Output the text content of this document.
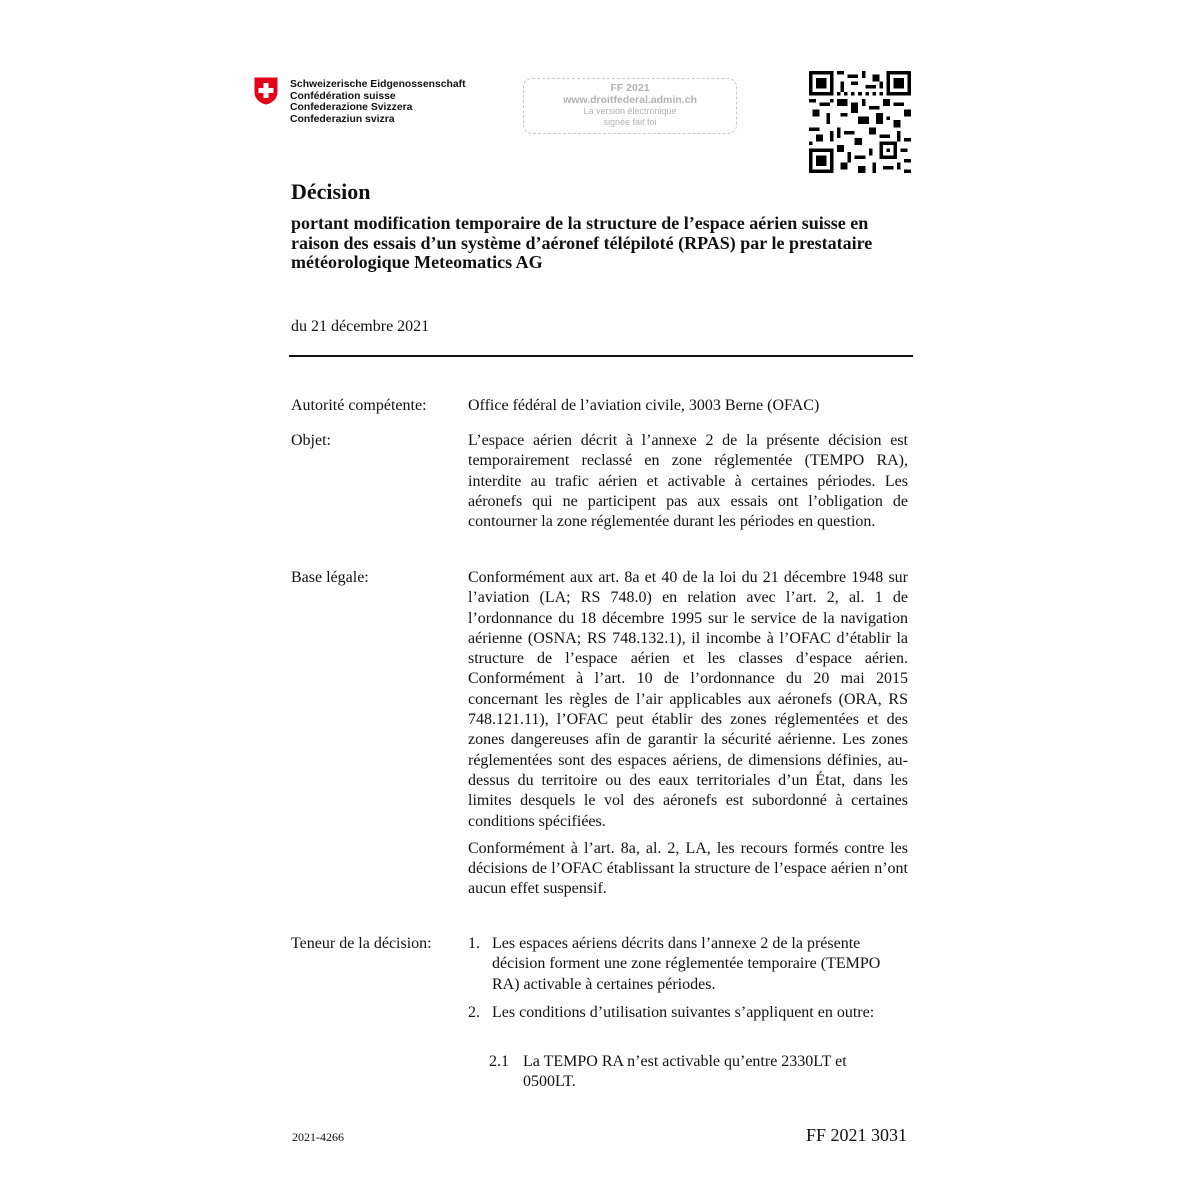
Schweizerische Eidgenossenschaft
Confédération suisse
Confederazione Svizzera
Confederaziun svizra
FF 2021
www.droitfederal.admin.ch
La version électronique
signée fait foi
Décision
portant modification temporaire de la structure de l’espace aérien suisse en raison des essais d’un système d’aéronef télépiloté (RPAS) par le prestataire météorologique Meteomatics AG
du 21 décembre 2021
Autorité compétente:	Office fédéral de l’aviation civile, 3003 Berne (OFAC)
Objet:	L’espace aérien décrit à l’annexe 2 de la présente décision est temporairement reclassé en zone réglementée (TEMPO RA), interdite au trafic aérien et activable à certaines périodes. Les aéronefs qui ne participent pas aux essais ont l’obligation de contourner la zone réglementée durant les périodes en question.
Base légale:	Conformément aux art. 8a et 40 de la loi du 21 décembre 1948 sur l’aviation (LA; RS 748.0) en relation avec l’art. 2, al. 1 de l’ordonnance du 18 décembre 1995 sur le service de la navigation aérienne (OSNA; RS 748.132.1), il incombe à l’OFAC d’établir la structure de l’espace aérien et les classes d’espace aérien. Conformément à l’art. 10 de l’ordonnance du 20 mai 2015 concernant les règles de l’air applicables aux aéronefs (ORA, RS 748.121.11), l’OFAC peut établir des zones réglementées et des zones dangereuses afin de garantir la sécurité aérienne. Les zones réglementées sont des espaces aériens, de dimensions définies, au-dessus du territoire ou des eaux territoriales d’un État, dans les limites desquels le vol des aéronefs est subordonné à certaines conditions spécifiées.

Conformément à l’art. 8a, al. 2, LA, les recours formés contre les décisions de l’OFAC établissant la structure de l’espace aérien n’ont aucun effet suspensif.

Teneur de la décision: 1. Les espaces aériens décrits dans l’annexe 2 de la présente décision forment une zone réglementée temporaire (TEMPO RA) activable à certaines périodes.
2. Les conditions d’utilisation suivantes s’appliquent en outre:
2.1 La TEMPO RA n’est activable qu’entre 2330LT et 0500LT.
2021-4266	FF 2021 3031
